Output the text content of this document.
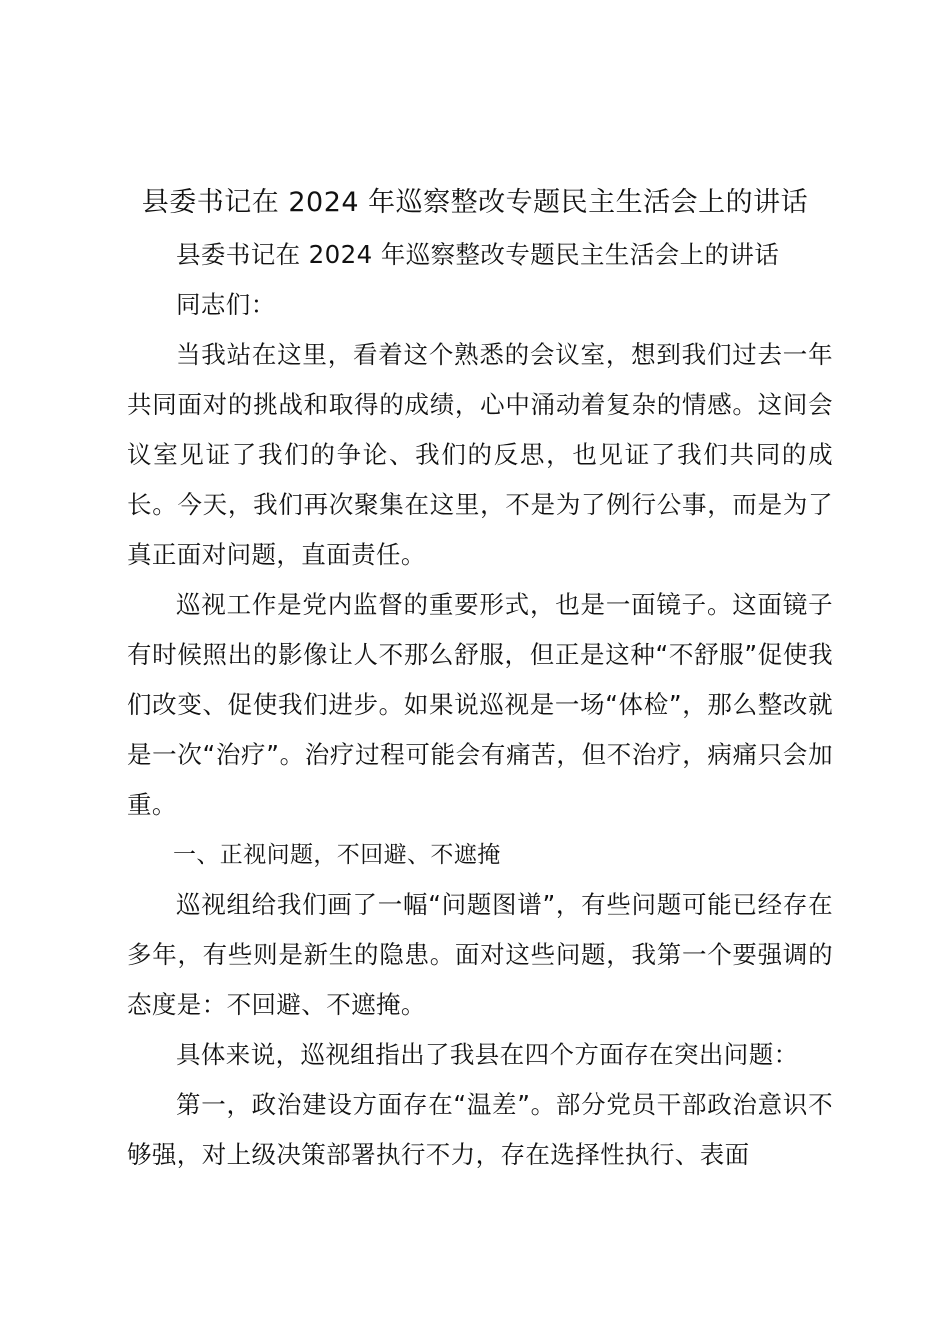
县委书记在 2024 年巡察整改专题民主生活会上的讲话

县委书记在 2024 年巡察整改专题民主生活会上的讲话

同志们：

当我站在这里，看着这个熟悉的会议室，想到我们过去一年共同面对的挑战和取得的成绩，心中涌动着复杂的情感。这间会议室见证了我们的争论、我们的反思，也见证了我们共同的成长。今天，我们再次聚集在这里，不是为了例行公事，而是为了真正面对问题，直面责任。

巡视工作是党内监督的重要形式，也是一面镜子。这面镜子有时候照出的影像让人不那么舒服，但正是这种“不舒服”促使我们改变、促使我们进步。如果说巡视是一场“体检”，那么整改就是一次“治疗”。治疗过程可能会有痛苦，但不治疗，病痛只会加重。

一、正视问题，不回避、不遮掩

巡视组给我们画了一幅“问题图谱”，有些问题可能已经存在多年，有些则是新生的隐患。面对这些问题，我第一个要强调的态度是：不回避、不遮掩。

具体来说，巡视组指出了我县在四个方面存在突出问题：

第一，政治建设方面存在“温差”。部分党员干部政治意识不够强，对上级决策部署执行不力，存在选择性执行、表面
